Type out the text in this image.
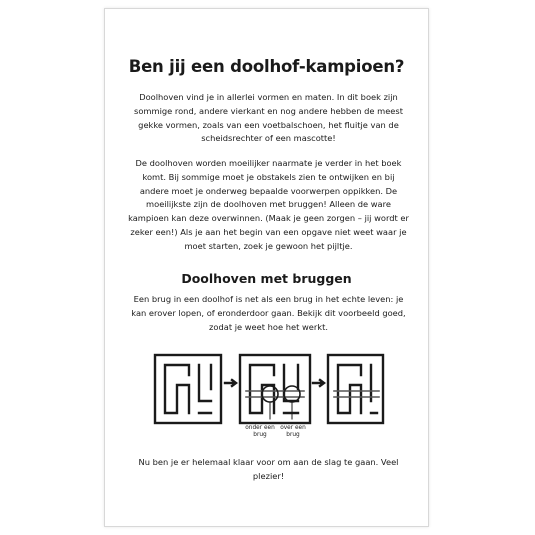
Ben jij een doolhof-kampioen?

Doolhoven vind je in allerlei vormen en maten. In dit boek zijn sommige rond, andere vierkant en nog andere hebben de meest gekke vormen, zoals van een voetbalschoen, het fluitje van de scheidsrechter of een mascotte!

De doolhoven worden moeilijker naarmate je verder in het boek komt. Bij sommige moet je obstakels zien te ontwijken en bij andere moet je onderweg bepaalde voorwerpen oppikken. De moeilijkste zijn de doolhoven met bruggen! Alleen de ware kampioen kan deze overwinnen. (Maak je geen zorgen – jij wordt er zeker een!) Als je aan het begin van een opgave niet weet waar je moet starten, zoek je gewoon het pijltje.

Doolhoven met bruggen

Een brug in een doolhof is net als een brug in het echte leven: je kan erover lopen, of eronderdoor gaan. Bekijk dit voorbeeld goed, zodat je weet hoe het werkt.

onder een brug
over een brug

Nu ben je er helemaal klaar voor om aan de slag te gaan. Veel plezier!
